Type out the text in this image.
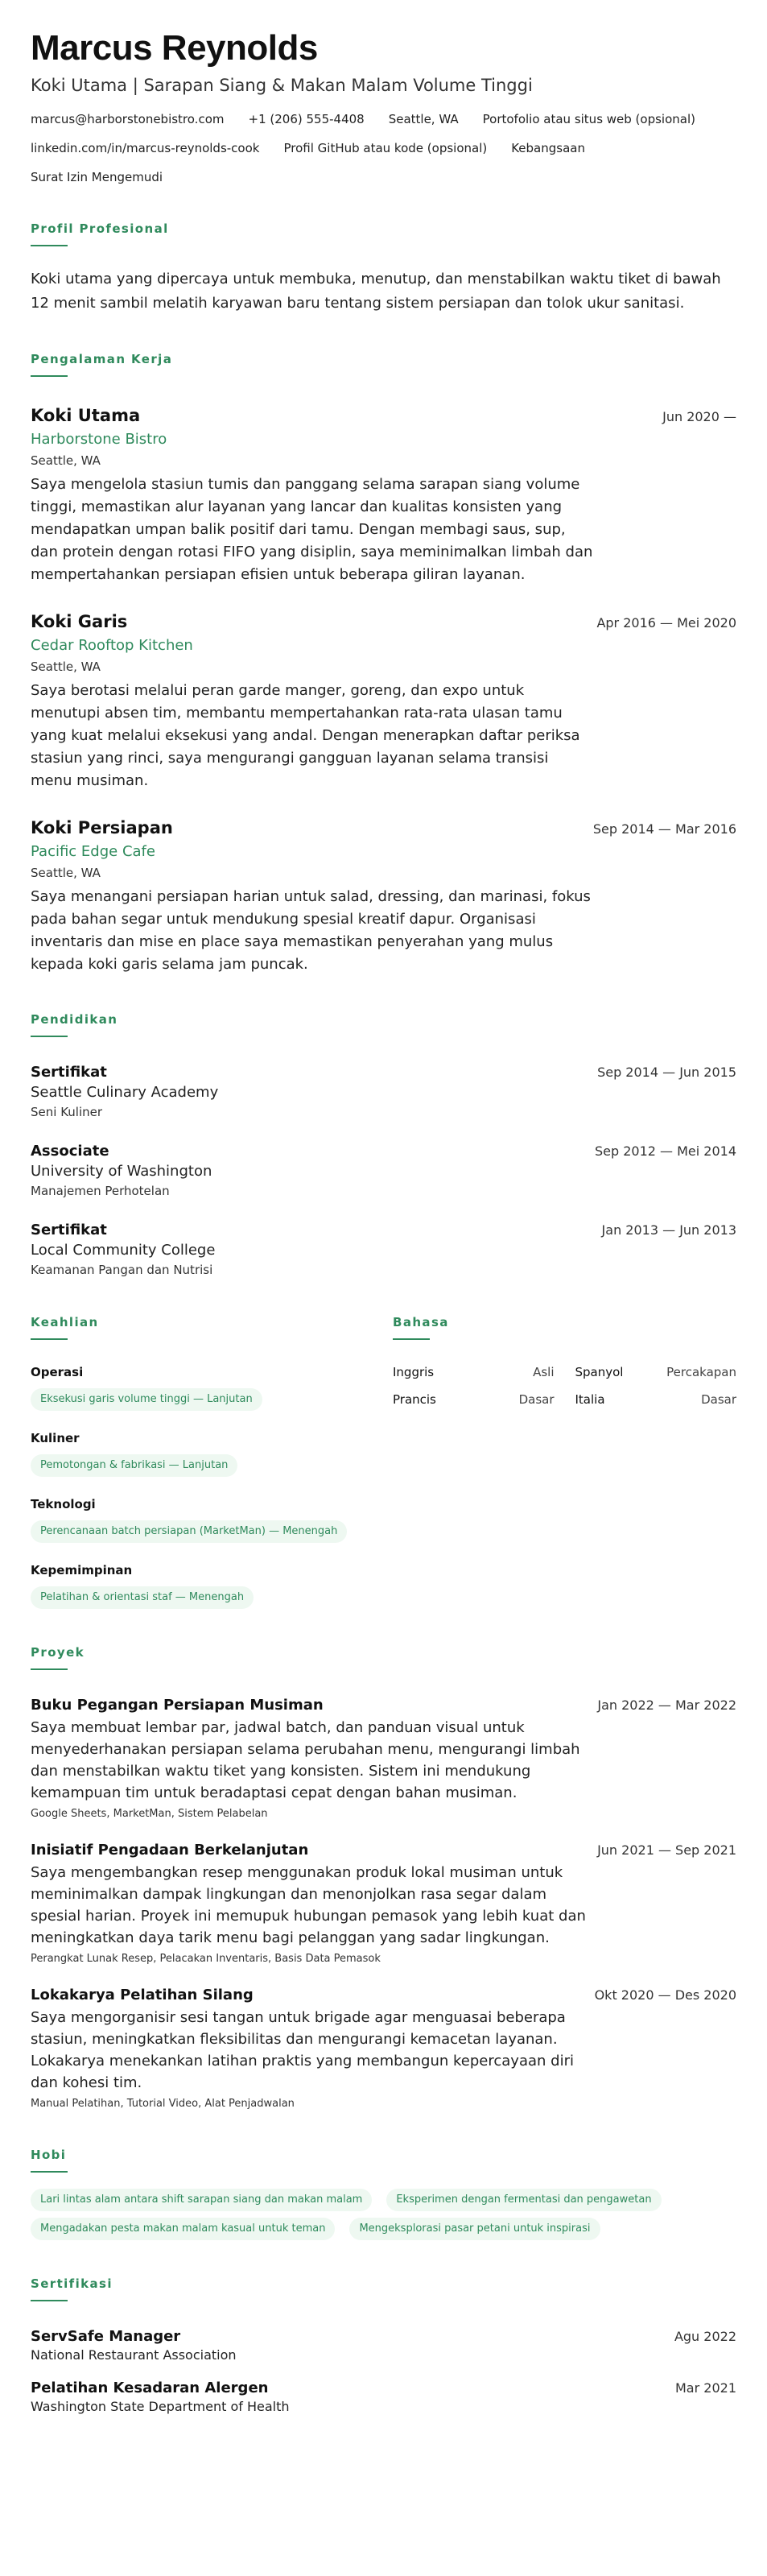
Marcus Reynolds
Koki Utama | Sarapan Siang & Makan Malam Volume Tinggi
marcus@harborstonebistro.com +1 (206) 555-4408 Seattle, WA Portofolio atau situs web (opsional)
linkedin.com/in/marcus-reynolds-cook Profil GitHub atau kode (opsional) Kebangsaan
Surat Izin Mengemudi
Profil Profesional

Koki utama yang dipercaya untuk membuka, menutup, dan menstabilkan waktu tiket di bawah 12 menit sambil melatih karyawan baru tentang sistem persiapan dan tolok ukur sanitasi.

Pengalaman Kerja
Koki Utama	Jun 2020 —
Harborstone Bistro
Seattle, WA

Saya mengelola stasiun tumis dan panggang selama sarapan siang volume tinggi, memastikan alur layanan yang lancar dan kualitas konsisten yang mendapatkan umpan balik positif dari tamu. Dengan membagi saus, sup, dan protein dengan rotasi FIFO yang disiplin, saya meminimalkan limbah dan mempertahankan persiapan efisien untuk beberapa giliran layanan.

Koki Garis	Apr 2016 — Mei 2020
Cedar Rooftop Kitchen
Seattle, WA

Saya berotasi melalui peran garde manger, goreng, dan expo untuk menutupi absen tim, membantu mempertahankan rata-rata ulasan tamu yang kuat melalui eksekusi yang andal. Dengan menerapkan daftar periksa stasiun yang rinci, saya mengurangi gangguan layanan selama transisi menu musiman.

Koki Persiapan	Sep 2014 — Mar 2016
Pacific Edge Cafe
Seattle, WA

Saya menangani persiapan harian untuk salad, dressing, dan marinasi, fokus pada bahan segar untuk mendukung spesial kreatif dapur. Organisasi inventaris dan mise en place saya memastikan penyerahan yang mulus kepada koki garis selama jam puncak.

Pendidikan
Sertifikat	Sep 2014 — Jun 2015
Seattle Culinary Academy
Seni Kuliner
Associate	Sep 2012 — Mei 2014
University of Washington
Manajemen Perhotelan
Sertifikat	Jan 2013 — Jun 2013
Local Community College
Keamanan Pangan dan Nutrisi
Keahlian
Operasi
Eksekusi garis volume tinggi — Lanjutan
Kuliner
Pemotongan & fabrikasi — Lanjutan
Teknologi
Perencanaan batch persiapan (MarketMan) — Menengah
Kepemimpinan
Pelatihan & orientasi staf — Menengah
Bahasa
Inggris	Asli Spanyol	Percakapan
Prancis	Dasar Italia	Dasar
Proyek
Buku Pegangan Persiapan Musiman	Jan 2022 — Mar 2022

Saya membuat lembar par, jadwal batch, dan panduan visual untuk menyederhanakan persiapan selama perubahan menu, mengurangi limbah dan menstabilkan waktu tiket yang konsisten. Sistem ini mendukung kemampuan tim untuk beradaptasi cepat dengan bahan musiman.

Google Sheets, MarketMan, Sistem Pelabelan
Inisiatif Pengadaan Berkelanjutan	Jun 2021 — Sep 2021

Saya mengembangkan resep menggunakan produk lokal musiman untuk meminimalkan dampak lingkungan dan menonjolkan rasa segar dalam spesial harian. Proyek ini memupuk hubungan pemasok yang lebih kuat dan meningkatkan daya tarik menu bagi pelanggan yang sadar lingkungan.

Perangkat Lunak Resep, Pelacakan Inventaris, Basis Data Pemasok
Lokakarya Pelatihan Silang	Okt 2020 — Des 2020

Saya mengorganisir sesi tangan untuk brigade agar menguasai beberapa stasiun, meningkatkan fleksibilitas dan mengurangi kemacetan layanan. Lokakarya menekankan latihan praktis yang membangun kepercayaan diri dan kohesi tim.

Manual Pelatihan, Tutorial Video, Alat Penjadwalan
Hobi
Lari lintas alam antara shift sarapan siang dan makan malam	Eksperimen dengan fermentasi dan pengawetan
Mengadakan pesta makan malam kasual untuk teman	Mengeksplorasi pasar petani untuk inspirasi
Sertifikasi
ServSafe Manager	Agu 2022
National Restaurant Association
Pelatihan Kesadaran Alergen	Mar 2021
Washington State Department of Health
